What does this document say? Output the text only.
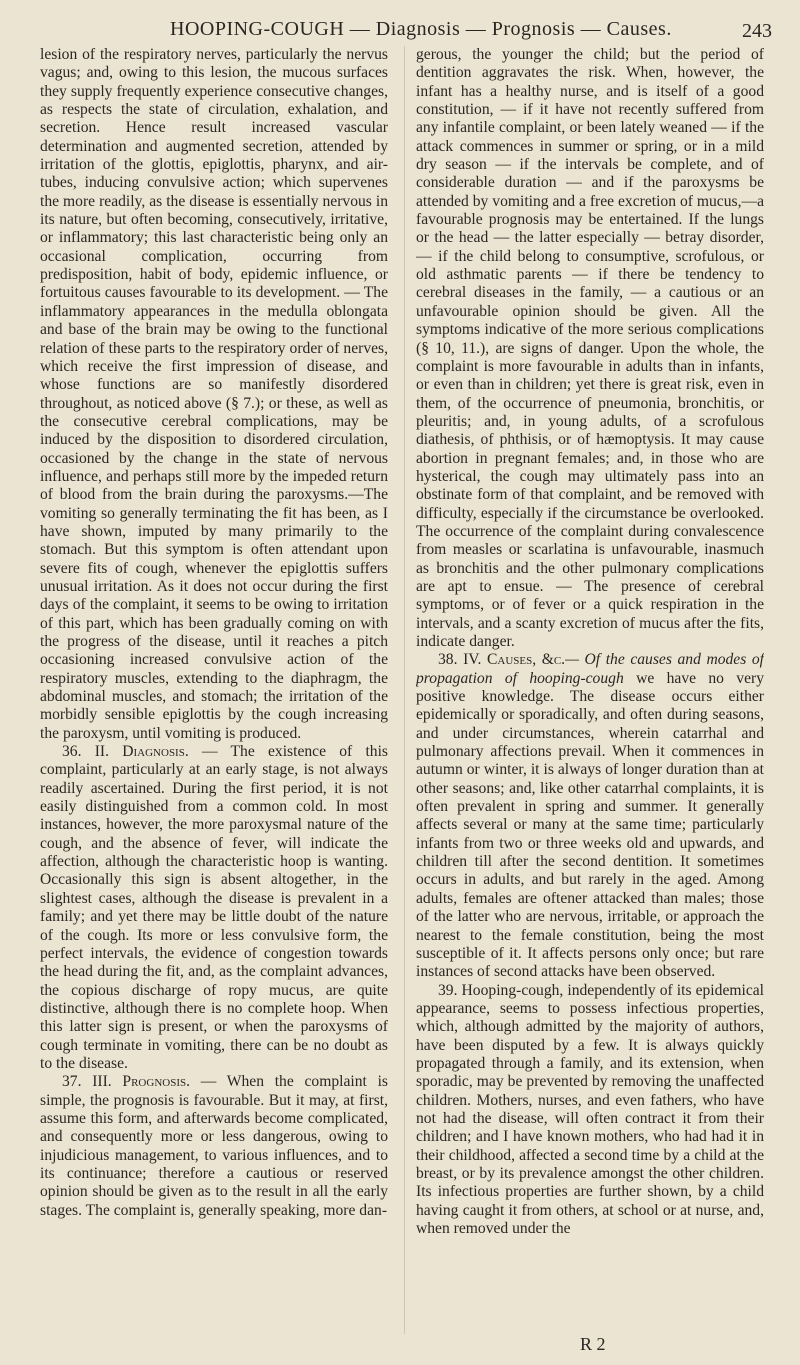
HOOPING-COUGH — Diagnosis — Prognosis — Causes.	243

lesion of the respiratory nerves, particularly the nervus vagus; and, owing to this lesion, the mucous surfaces they supply frequently experience consecutive changes, as respects the state of circulation, exhalation, and secretion. Hence result increased vascular determination and augmented secretion, attended by irritation of the glottis, epiglottis, pharynx, and air-tubes, inducing convulsive action; which supervenes the more readily, as the disease is essentially nervous in its nature, but often becoming, consecutively, irritative, or inflammatory; this last characteristic being only an occasional complication, occurring from predisposition, habit of body, epidemic influence, or fortuitous causes favourable to its development. — The inflammatory appearances in the medulla oblongata and base of the brain may be owing to the functional relation of these parts to the respiratory order of nerves, which receive the first impression of disease, and whose functions are so manifestly disordered throughout, as noticed above (§ 7.); or these, as well as the consecutive cerebral complications, may be induced by the disposition to disordered circulation, occasioned by the change in the state of nervous influence, and perhaps still more by the impeded return of blood from the brain during the paroxysms.—The vomiting so generally terminating the fit has been, as I have shown, imputed by many primarily to the stomach. But this symptom is often attendant upon severe fits of cough, whenever the epiglottis suffers unusual irritation. As it does not occur during the first days of the complaint, it seems to be owing to irritation of this part, which has been gradually coming on with the progress of the disease, until it reaches a pitch occasioning increased convulsive action of the respiratory muscles, extending to the diaphragm, the abdominal muscles, and stomach; the irritation of the morbidly sensible epiglottis by the cough increasing the paroxysm, until vomiting is produced.

36. II. Diagnosis. — The existence of this complaint, particularly at an early stage, is not always readily ascertained. During the first period, it is not easily distinguished from a common cold. In most instances, however, the more paroxysmal nature of the cough, and the absence of fever, will indicate the affection, although the characteristic hoop is wanting. Occasionally this sign is absent altogether, in the slightest cases, although the disease is prevalent in a family; and yet there may be little doubt of the nature of the cough. Its more or less convulsive form, the perfect intervals, the evidence of congestion towards the head during the fit, and, as the complaint advances, the copious discharge of ropy mucus, are quite distinctive, although there is no complete hoop. When this latter sign is present, or when the paroxysms of cough terminate in vomiting, there can be no doubt as to the disease.

37. III. Prognosis. — When the complaint is simple, the prognosis is favourable. But it may, at first, assume this form, and afterwards become complicated, and consequently more or less dangerous, owing to injudicious management, to various influences, and to its continuance; therefore a cautious or reserved opinion should be given as to the result in all the early stages. The complaint is, generally speaking, more dan-

gerous, the younger the child; but the period of dentition aggravates the risk. When, however, the infant has a healthy nurse, and is itself of a good constitution, — if it have not recently suffered from any infantile complaint, or been lately weaned — if the attack commences in summer or spring, or in a mild dry season — if the intervals be complete, and of considerable duration — and if the paroxysms be attended by vomiting and a free excretion of mucus,—a favourable prognosis may be entertained. If the lungs or the head — the latter especially — betray disorder, — if the child belong to consumptive, scrofulous, or old asthmatic parents — if there be tendency to cerebral diseases in the family, — a cautious or an unfavourable opinion should be given. All the symptoms indicative of the more serious complications (§ 10, 11.), are signs of danger. Upon the whole, the complaint is more favourable in adults than in infants, or even than in children; yet there is great risk, even in them, of the occurrence of pneumonia, bronchitis, or pleuritis; and, in young adults, of a scrofulous diathesis, of phthisis, or of hæmoptysis. It may cause abortion in pregnant females; and, in those who are hysterical, the cough may ultimately pass into an obstinate form of that complaint, and be removed with difficulty, especially if the circumstance be overlooked. The occurrence of the complaint during convalescence from measles or scarlatina is unfavourable, inasmuch as bronchitis and the other pulmonary complications are apt to ensue. — The presence of cerebral symptoms, or of fever or a quick respiration in the intervals, and a scanty excretion of mucus after the fits, indicate danger.

38. IV. Causes, &c.— Of the causes and modes of propagation of hooping-cough we have no very positive knowledge. The disease occurs either epidemically or sporadically, and often during seasons, and under circumstances, wherein catarrhal and pulmonary affections prevail. When it commences in autumn or winter, it is always of longer duration than at other seasons; and, like other catarrhal complaints, it is often prevalent in spring and summer. It generally affects several or many at the same time; particularly infants from two or three weeks old and upwards, and children till after the second dentition. It sometimes occurs in adults, and but rarely in the aged. Among adults, females are oftener attacked than males; those of the latter who are nervous, irritable, or approach the nearest to the female constitution, being the most susceptible of it. It affects persons only once; but rare instances of second attacks have been observed.

39. Hooping-cough, independently of its epidemical appearance, seems to possess infectious properties, which, although admitted by the majority of authors, have been disputed by a few. It is always quickly propagated through a family, and its extension, when sporadic, may be prevented by removing the unaffected children. Mothers, nurses, and even fathers, who have not had the disease, will often contract it from their children; and I have known mothers, who had had it in their childhood, affected a second time by a child at the breast, or by its prevalence amongst the other children. Its infectious properties are further shown, by a child having caught it from others, at school or at nurse, and, when removed under the

R 2
